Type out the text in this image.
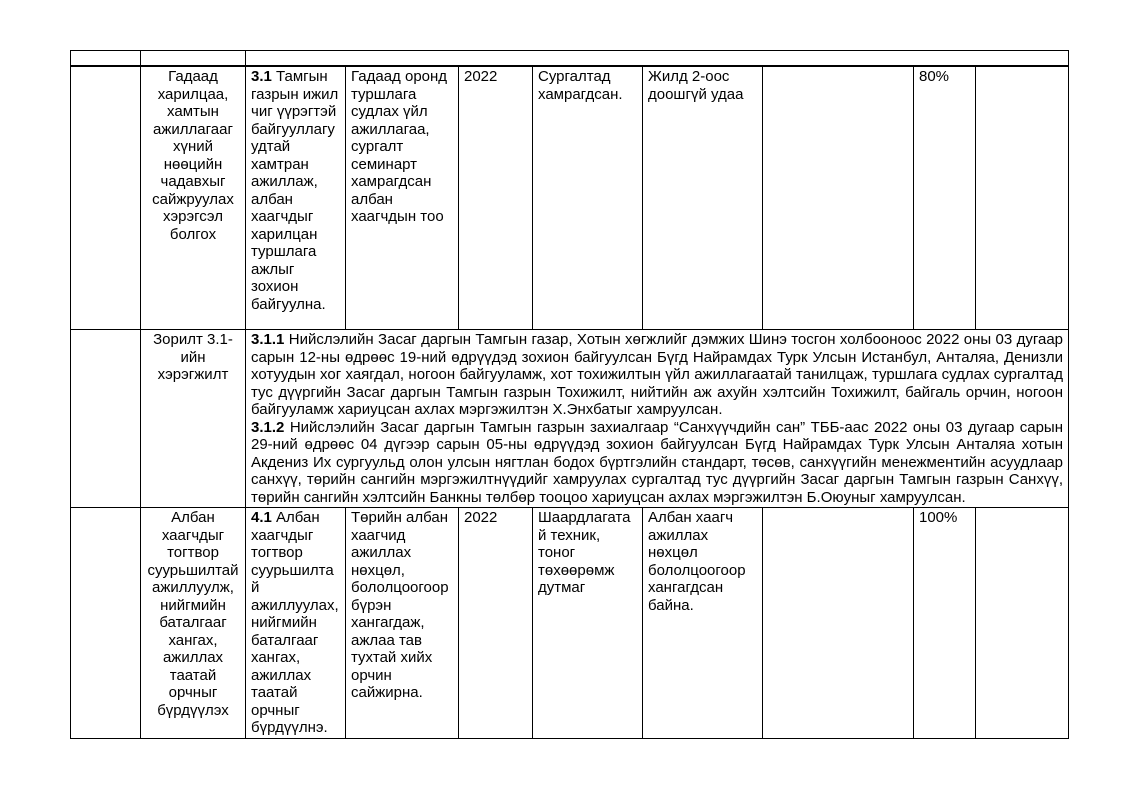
	Гадаад харилцаа, хамтын ажиллагааг хүний нөөцийн чадавхыг сайжруулах хэрэгсэл болгох	3.1 Тамгын газрын ижил чиг үүрэгтэй байгууллагуудтай хамтран ажиллаж, албан хаагчдыг харилцан туршлага ажлыг зохион байгуулна.	Гадаад оронд туршлага судлах үйл ажиллагаа, сургалт семинарт хамрагдсан албан хаагчдын тоо	2022	Сургалтад хамрагдсан.	Жилд 2-оос доошгүй удаа		80%	
	Зорилт 3.1-ийн хэрэгжилт	3.1.1 Нийслэлийн Засаг даргын Тамгын газар, Хотын хөгжлийг дэмжих Шинэ тосгон холбооноос 2022 оны 03 дугаар сарын 12-ны өдрөөс 19-ний өдрүүдэд зохион байгуулсан Бүгд Найрамдах Турк Улсын Истанбул, Анталяа, Денизли хотуудын хог хаягдал, ногоон байгууламж, хот тохижилтын үйл ажиллагаатай танилцаж, туршлага судлах сургалтад тус дүүргийн Засаг даргын Тамгын газрын Тохижилт, нийтийн аж ахуйн хэлтсийн Тохижилт, байгаль орчин, ногоон байгууламж хариуцсан ахлах мэргэжилтэн Х.Энхбатыг хамруулсан.

3.1.2 Нийслэлийн Засаг даргын Тамгын газрын захиалгаар “Санхүүчдийн сан” ТББ-аас 2022 оны 03 дугаар сарын 29-ний өдрөөс 04 дүгээр сарын 05-ны өдрүүдэд зохион байгуулсан Бүгд Найрамдах Турк Улсын Анталяа хотын Акдениз Их сургуульд олон улсын нягтлан бодох бүртгэлийн стандарт, төсөв, санхүүгийн менежментийн асуудлаар санхүү, төрийн сангийн мэргэжилтнүүдийг хамруулах сургалтад тус дүүргийн Засаг даргын Тамгын газрын Санхүү, төрийн сангийн хэлтсийн Банкны төлбөр тооцоо хариуцсан ахлах мэргэжилтэн Б.Оюуныг хамруулсан.							

	Албан хаагчдыг тогтвор суурьшилтай ажиллуулж, нийгмийн баталгааг хангах, ажиллах таатай орчныг бүрдүүлэх	4.1 Албан хаагчдыг тогтвор суурьшилтай ажиллуулах, нийгмийн баталгааг хангах, ажиллах таатай орчныг бүрдүүлнэ.	Төрийн албан хаагчид ажиллах нөхцөл, бололцоогоор бүрэн хангагдаж, ажлаа тав тухтай хийх орчин сайжирна.	2022	Шаардлагатай техник, тоног төхөөрөмж дутмаг	Албан хаагч ажиллах нөхцөл бололцоогоор хангагдсан байна.		100%	
